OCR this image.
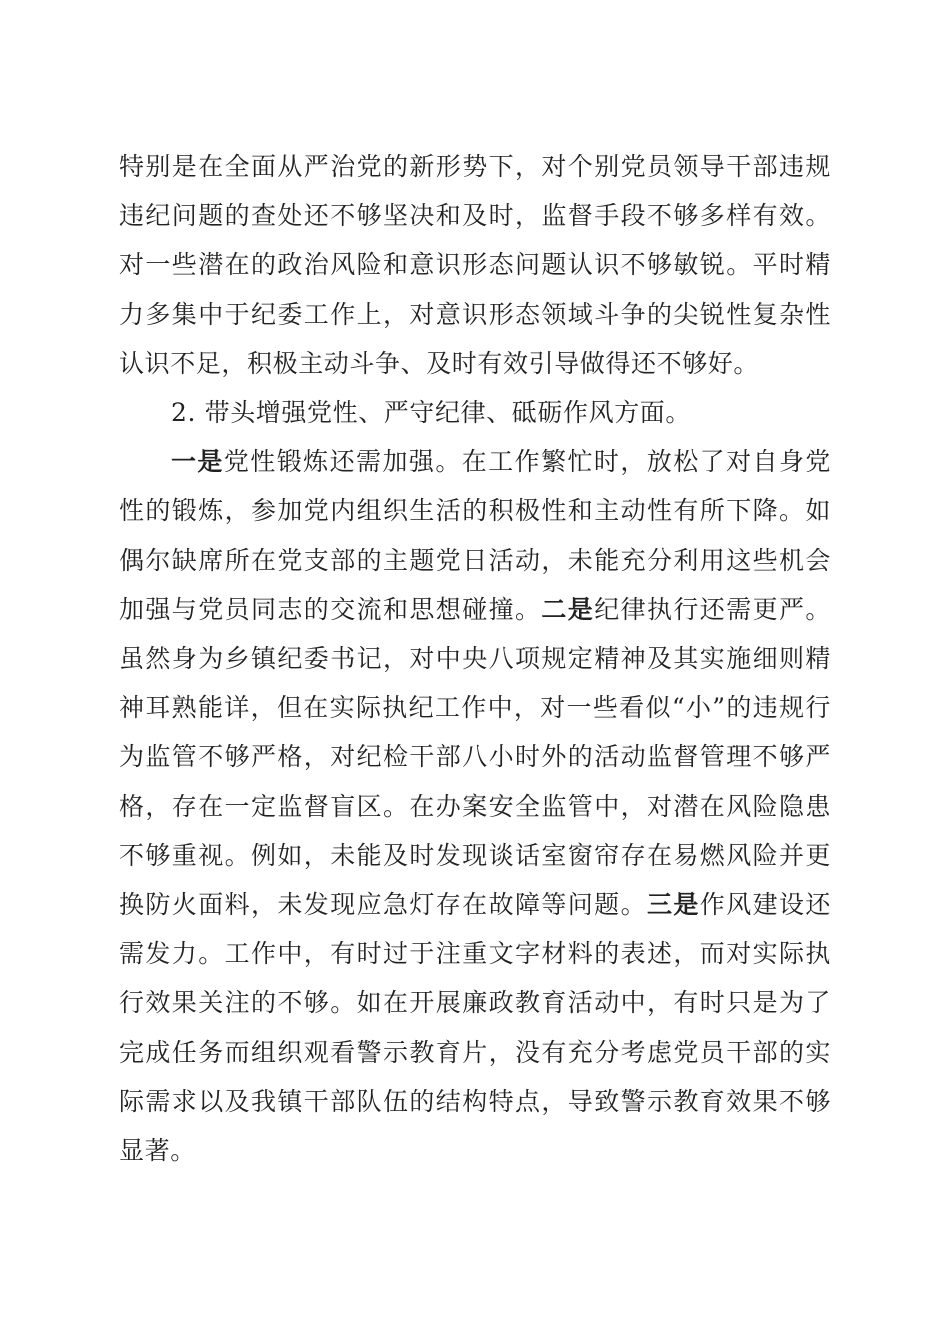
特别是在全面从严治党的新形势下，对个别党员领导干部违规违纪问题的查处还不够坚决和及时，监督手段不够多样有效。对一些潜在的政治风险和意识形态问题认识不够敏锐。平时精力多集中于纪委工作上，对意识形态领域斗争的尖锐性复杂性认识不足，积极主动斗争、及时有效引导做得还不够好。

2. 带头增强党性、严守纪律、砥砺作风方面。

一是党性锻炼还需加强。在工作繁忙时，放松了对自身党性的锻炼，参加党内组织生活的积极性和主动性有所下降。如偶尔缺席所在党支部的主题党日活动，未能充分利用这些机会加强与党员同志的交流和思想碰撞。二是纪律执行还需更严。虽然身为乡镇纪委书记，对中央八项规定精神及其实施细则精神耳熟能详，但在实际执纪工作中，对一些看似“小”的违规行为监管不够严格，对纪检干部八小时外的活动监督管理不够严格，存在一定监督盲区。在办案安全监管中，对潜在风险隐患不够重视。例如，未能及时发现谈话室窗帘存在易燃风险并更换防火面料，未发现应急灯存在故障等问题。三是作风建设还需发力。工作中，有时过于注重文字材料的表述，而对实际执行效果关注的不够。如在开展廉政教育活动中，有时只是为了完成任务而组织观看警示教育片，没有充分考虑党员干部的实际需求以及我镇干部队伍的结构特点，导致警示教育效果不够显著。
